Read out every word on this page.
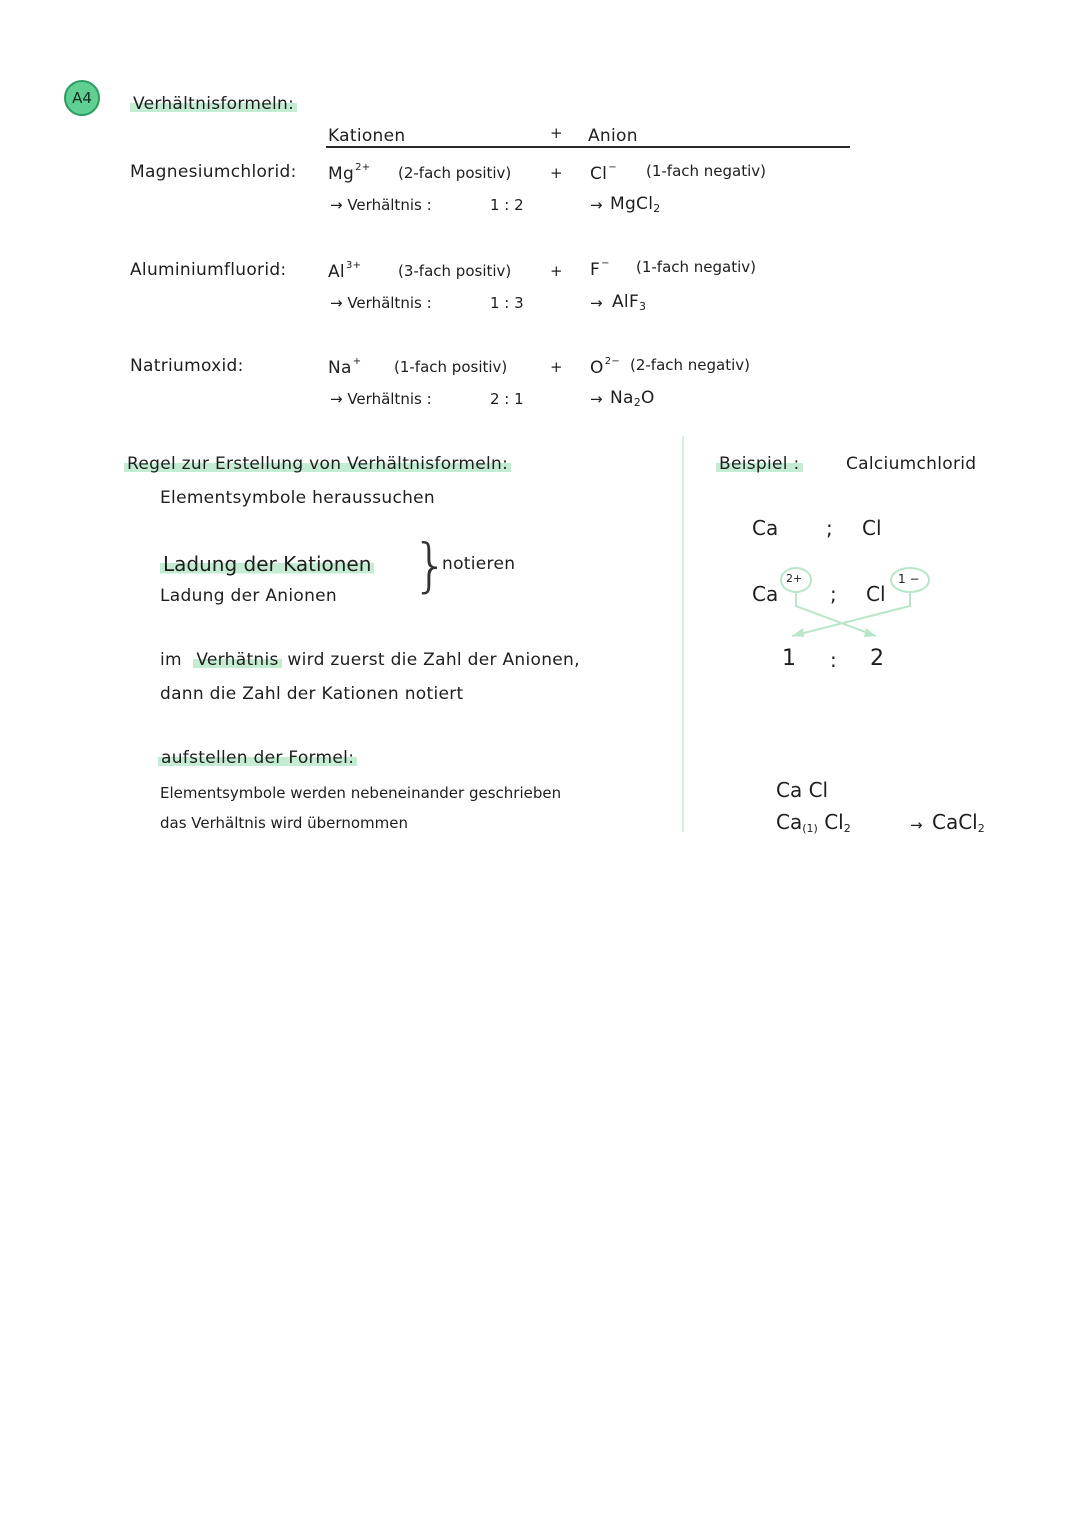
A4 Verhältnisformeln:
Kationen	+ Anion
Magnesiumchlorid: $Mg^{2+}$ (2-fach positiv)	+ Cl− (1-fach negativ)
→ Verhältnis :	1 : 2	→ MgCl$_2$
Aluminiumfluorid: $Al^{3+}$ (3-fach positiv)	+ F− (1-fach negativ)
→ Verhältnis :	1 : 3	→ AlF$_3$
Natriumoxid:	Na+ (1-fach positiv)	+ $O^{2-}$ (2-fach negativ)
→ Verhältnis :	2 : 1	→ $Na_2O$
Regel zur Erstellung von Verhältnisformeln:
Elementsymbole heraussuchen
Ladung der Kationen
Ladung der Anionen }
notieren
im Verhätnis wird zuerst die Zahl der Anionen,
dann die Zahl der Kationen notiert
aufstellen der Formel:
Elementsymbole werden nebeneinander geschrieben
das Verhältnis wird übernommen
Beispiel :	Calciumchlorid
Ca ; Cl
Ca
2+
; Cl
1 −
1 : 2
Ca Cl
$Ca_{(1)}$ $Cl_2$	→ CaCl$_2$
